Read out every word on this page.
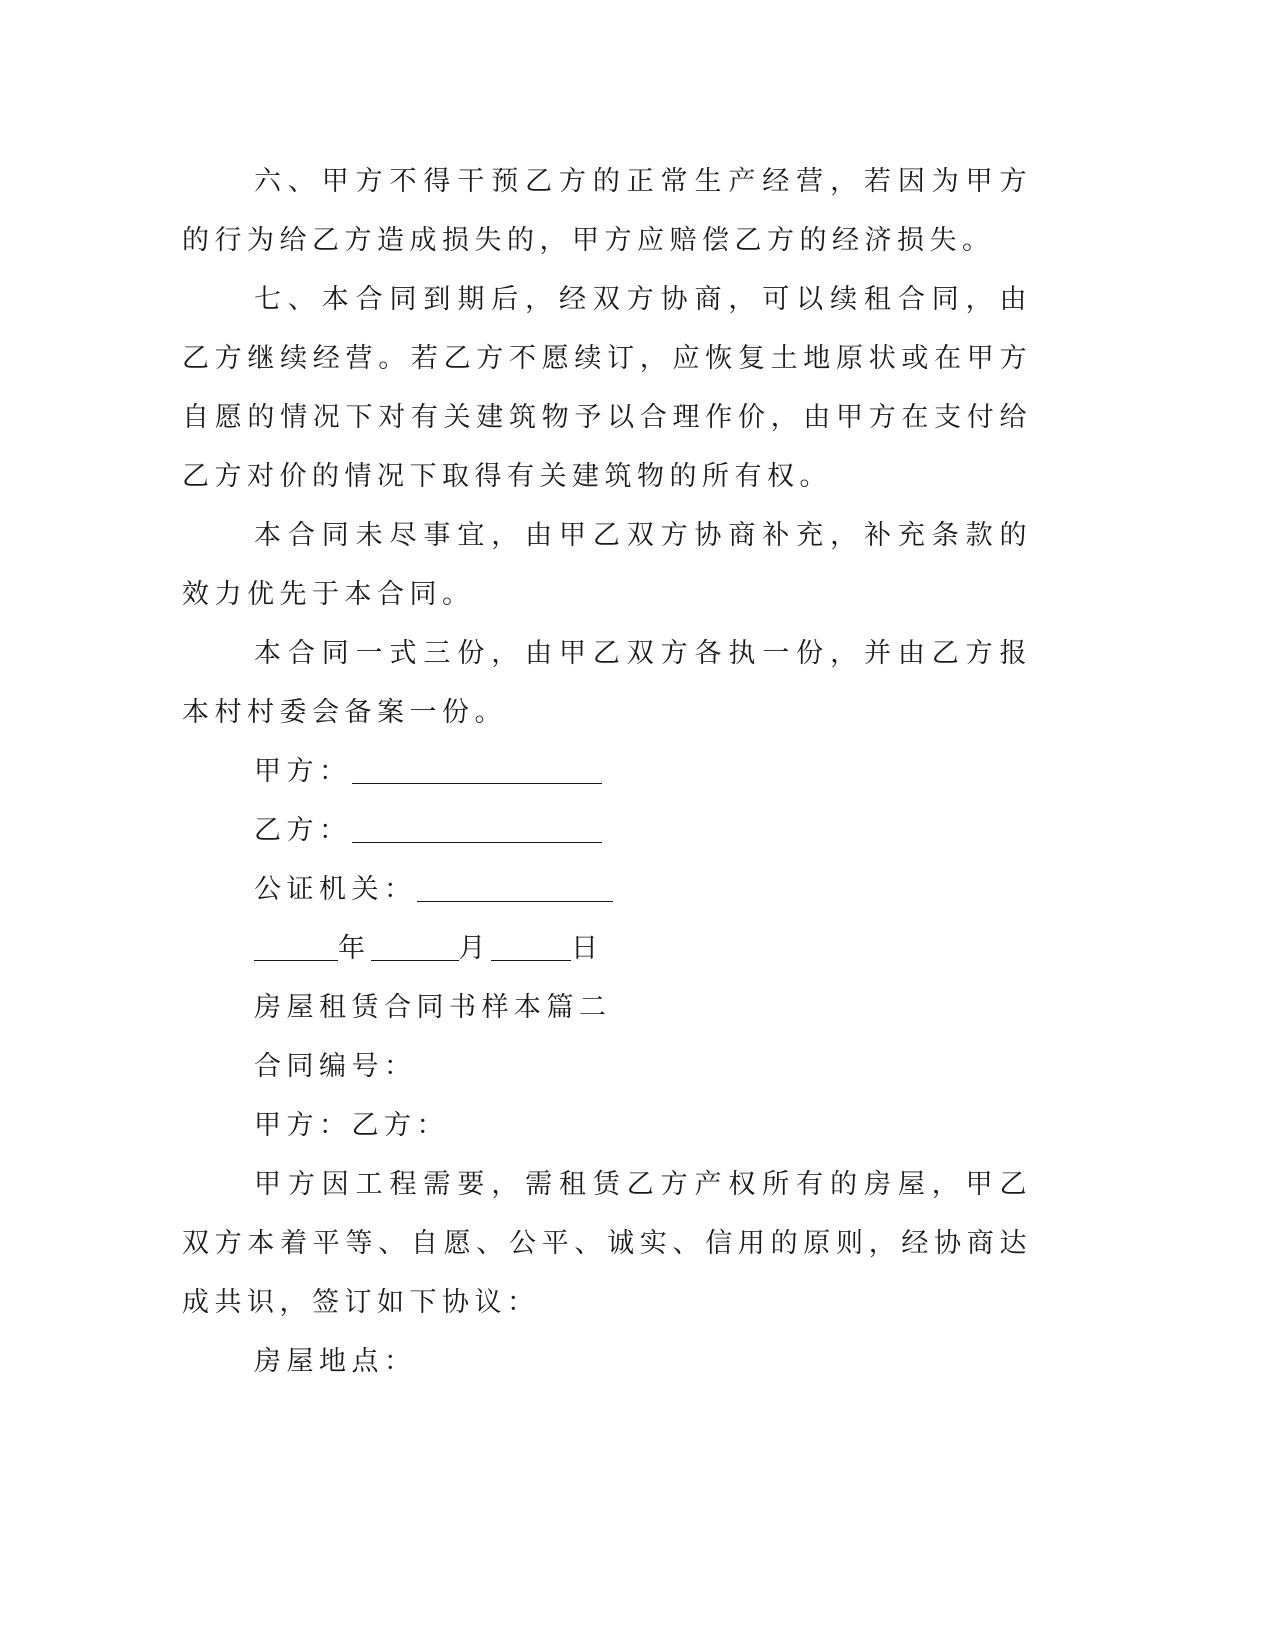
六、甲方不得干预乙方的正常生产经营，若因为甲方的行为给乙方造成损失的，甲方应赔偿乙方的经济损失。

七、本合同到期后，经双方协商，可以续租合同，由乙方继续经营。若乙方不愿续订，应恢复土地原状或在甲方自愿的情况下对有关建筑物予以合理作价，由甲方在支付给乙方对价的情况下取得有关建筑物的所有权。

本合同未尽事宜，由甲乙双方协商补充，补充条款的效力优先于本合同。

本合同一式三份，由甲乙双方各执一份，并由乙方报本村村委会备案一份。

甲方：

乙方：

公证机关：

年	月	日

房屋租赁合同书样本篇二

合同编号：

甲方：乙方：

甲方因工程需要，需租赁乙方产权所有的房屋，甲乙双方本着平等、自愿、公平、诚实、信用的原则，经协商达成共识，签订如下协议：

房屋地点：
